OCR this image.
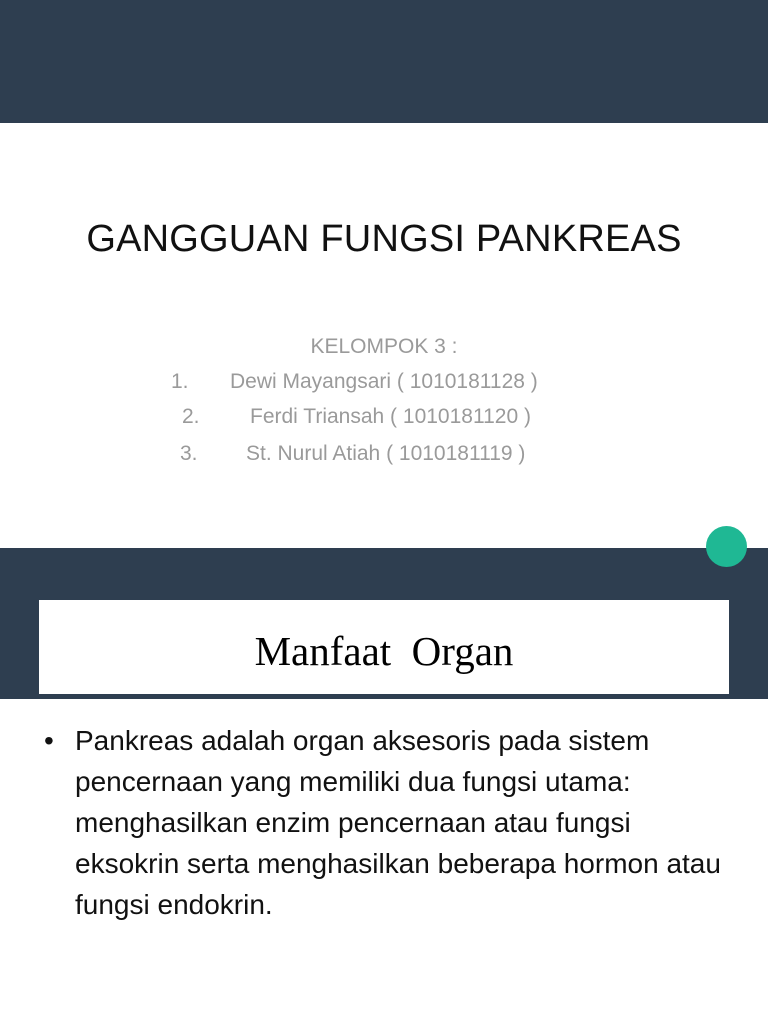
GANGGUAN FUNGSI PANKREAS
KELOMPOK 3 :
1. Dewi Mayangsari ( 1010181128 )
2. Ferdi Triansah ( 1010181120 )
3. St. Nurul Atiah ( 1010181119 )
Manfaat  Organ
• Pankreas adalah organ aksesoris pada sistem pencernaan yang memiliki dua fungsi utama: menghasilkan enzim pencernaan atau fungsi eksokrin serta menghasilkan beberapa hormon atau fungsi endokrin.
